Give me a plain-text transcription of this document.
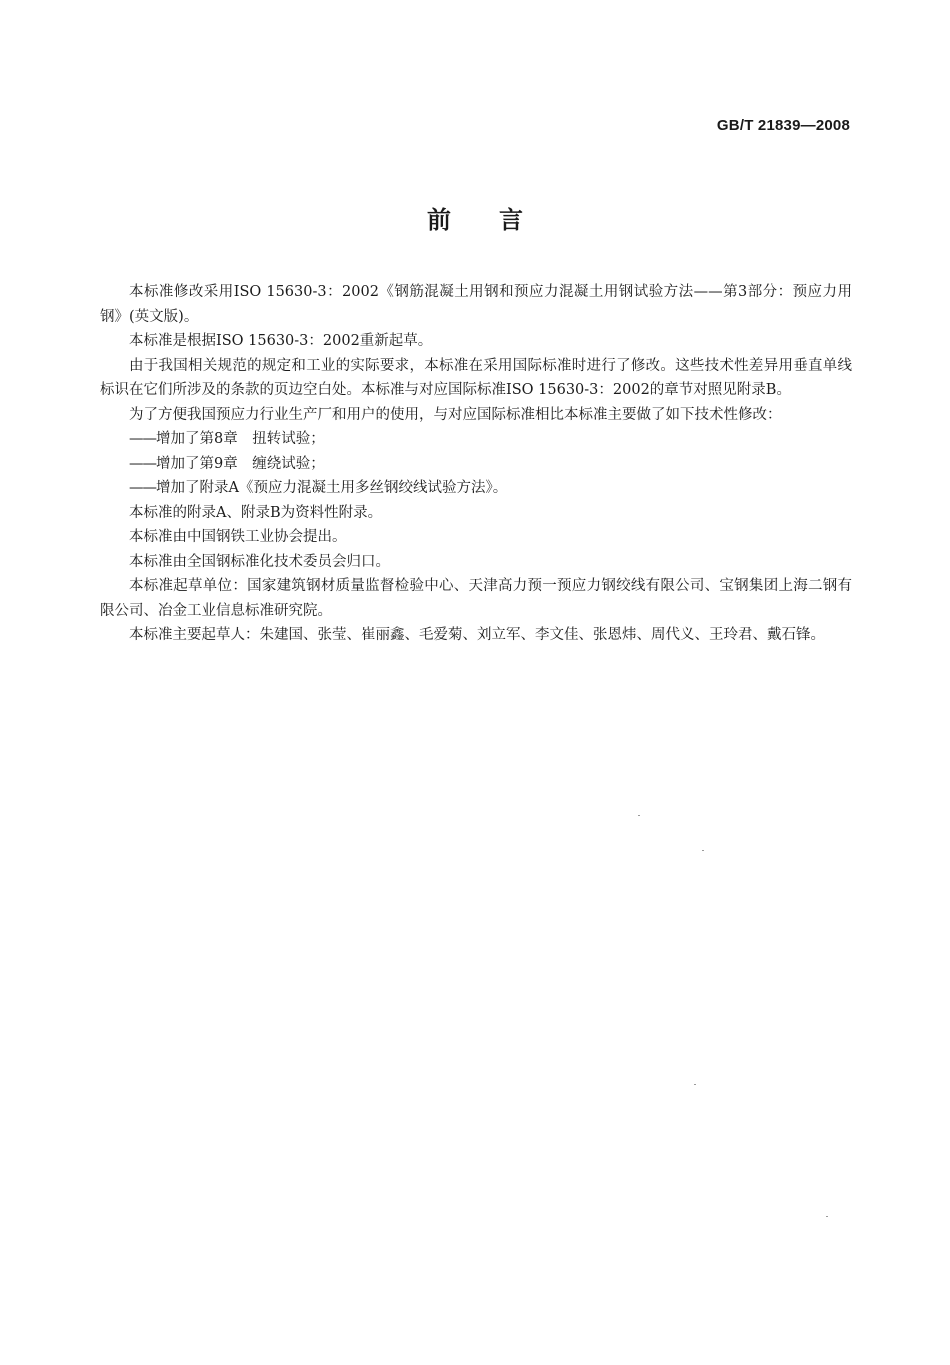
GB/T 21839—2008
前言

本标准修改采用ISO 15630-3：2002《钢筋混凝土用钢和预应力混凝土用钢试验方法——第3部分：预应力用钢》(英文版)。

本标准是根据ISO 15630-3：2002重新起草。

由于我国相关规范的规定和工业的实际要求，本标准在采用国际标准时进行了修改。这些技术性差异用垂直单线标识在它们所涉及的条款的页边空白处。本标准与对应国际标准ISO 15630-3：2002的章节对照见附录B。

为了方便我国预应力行业生产厂和用户的使用，与对应国际标准相比本标准主要做了如下技术性修改：

——增加了第8章　扭转试验；

——增加了第9章　缠绕试验；

——增加了附录A《预应力混凝土用多丝钢绞线试验方法》。

本标准的附录A、附录B为资料性附录。

本标准由中国钢铁工业协会提出。

本标准由全国钢标准化技术委员会归口。

本标准起草单位：国家建筑钢材质量监督检验中心、天津高力预一预应力钢绞线有限公司、宝钢集团上海二钢有限公司、冶金工业信息标准研究院。

本标准主要起草人：朱建国、张莹、崔丽鑫、毛爱菊、刘立军、李文佳、张恩炜、周代义、王玲君、戴石锋。
